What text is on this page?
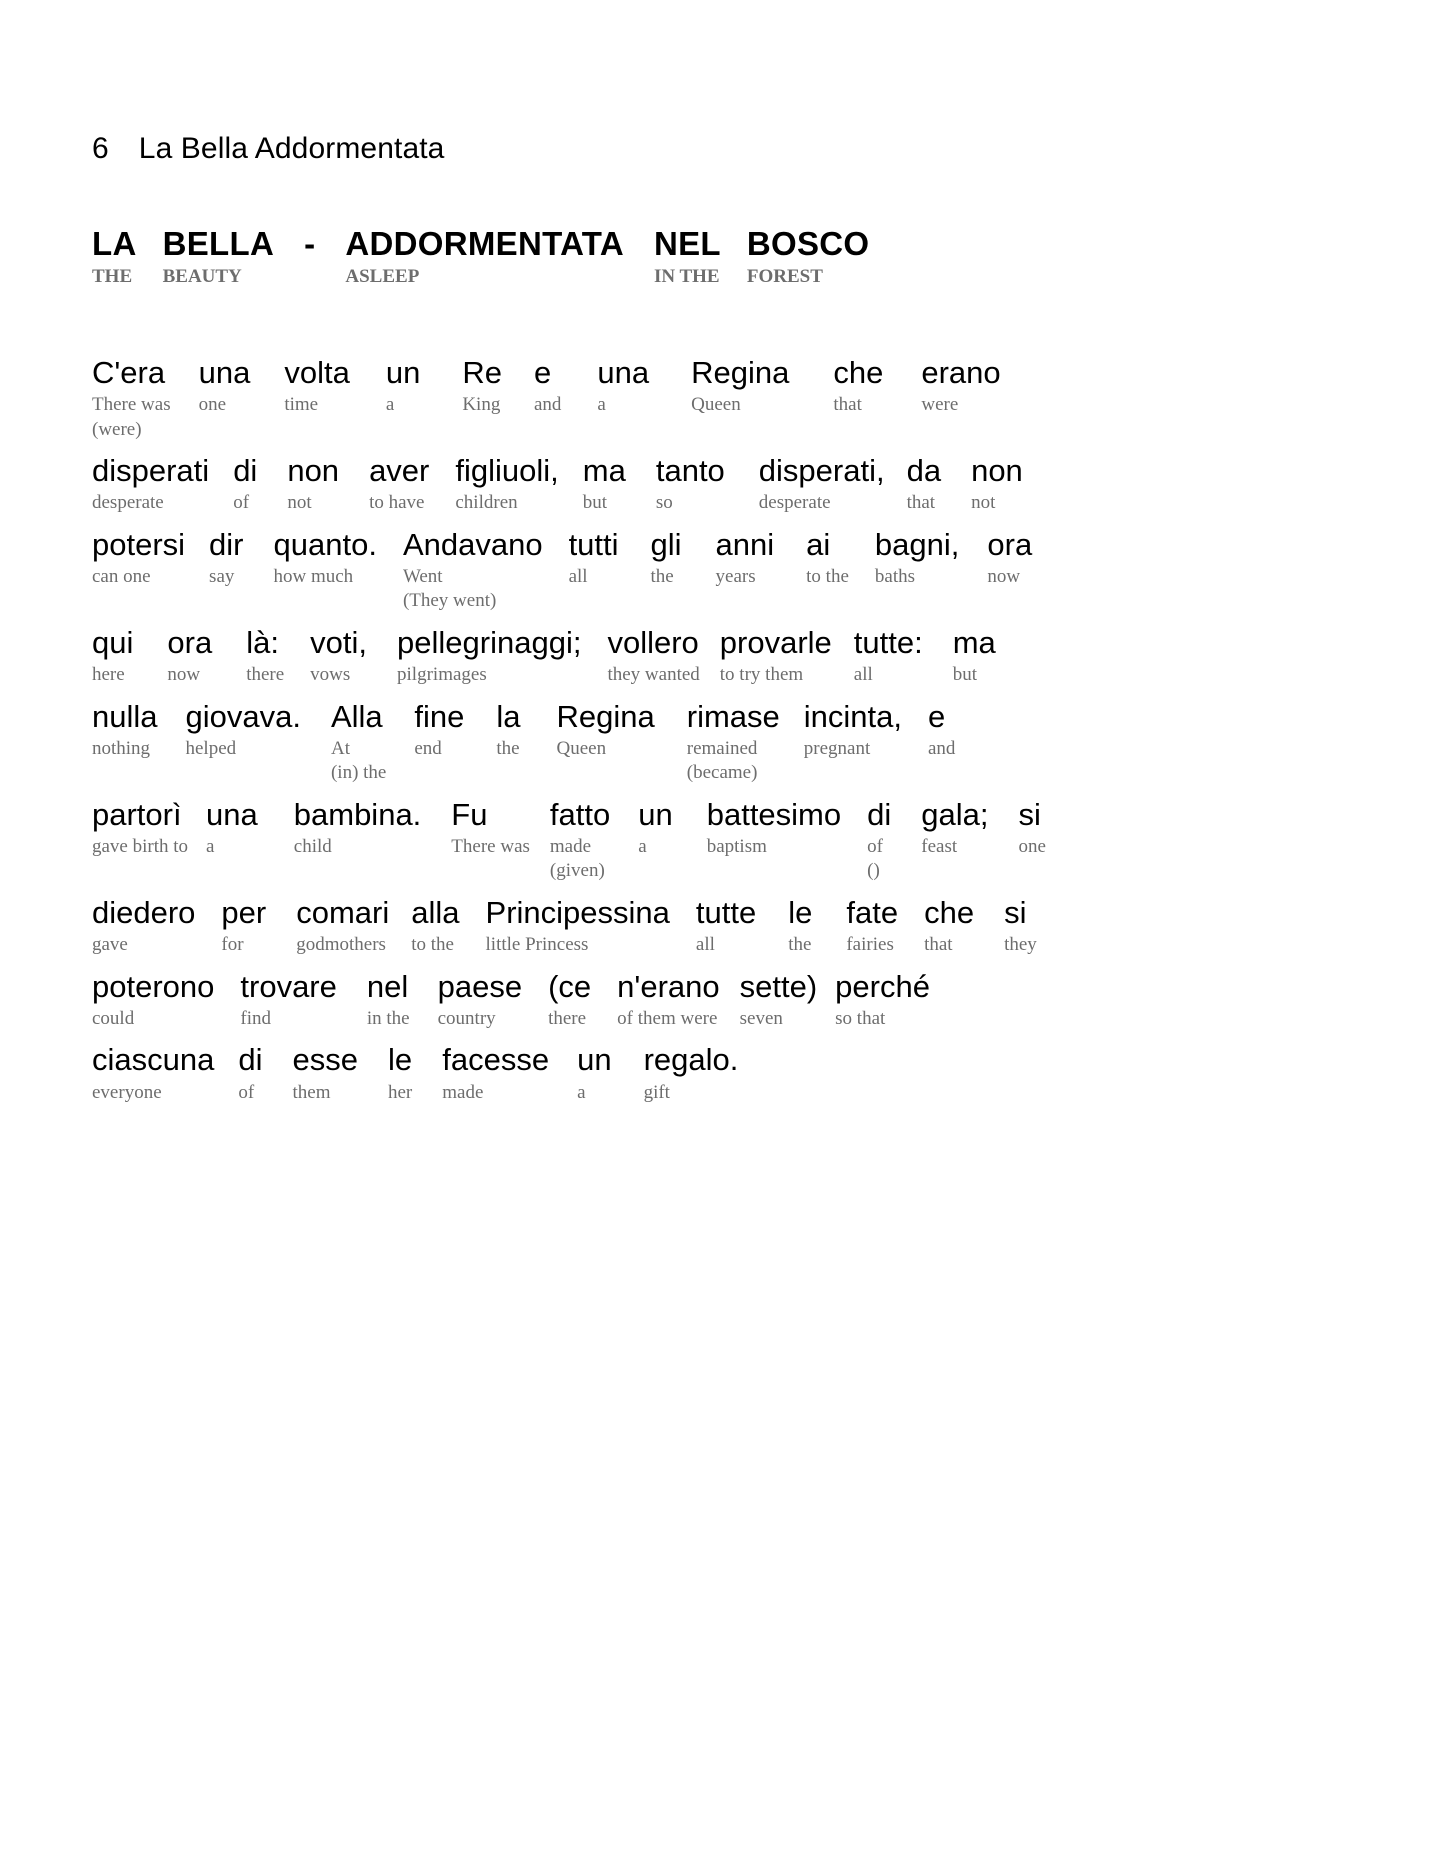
6 La Bella Addormentata
LA
THE
BELLA
BEAUTY
- ADDORMENTATA
ASLEEP
NEL
IN THE
BOSCO
FOREST
C'era
There was
(were)
una
one
volta
time
un
a
Re
King
e
and
una
a
Regina
Queen
che
that
erano
were
disperati
desperate
di
of
non
not
aver
to have
figliuoli,
children
ma
but
tanto
so
disperati,
desperate
da
that
non
not
potersi
can one
dir
say
quanto.
how much
Andavano
Went
(They went)
tutti
all
gli
the
anni
years
ai
to the
bagni,
baths
ora
now
qui
here
ora
now
là:
there
voti,
vows
pellegrinaggi;
pilgrimages
vollero
they wanted
provarle
to try them
tutte:
all
ma
but
nulla
nothing
giovava.
helped
Alla
At
(in) the
fine
end
la
the
Regina
Queen
rimase
remained
(became)
incinta,
pregnant
e
and
partorì
gave birth to
una
a
bambina.
child
Fu
There was
fatto
made
(given)
un
a
battesimo
baptism
di
of
()
gala;
feast
si
one
diedero
gave
per
for
comari
godmothers
alla
to the
Principessina
little Princess
tutte
all
le
the
fate
fairies
che
that
si
they
poterono
could
trovare
find
nel
in the
paese
country
(ce
there
n'erano
of them were
sette)
seven
perché
so that
ciascuna
everyone
di
of
esse
them
le
her
facesse
made
un
a
regalo.
gift
